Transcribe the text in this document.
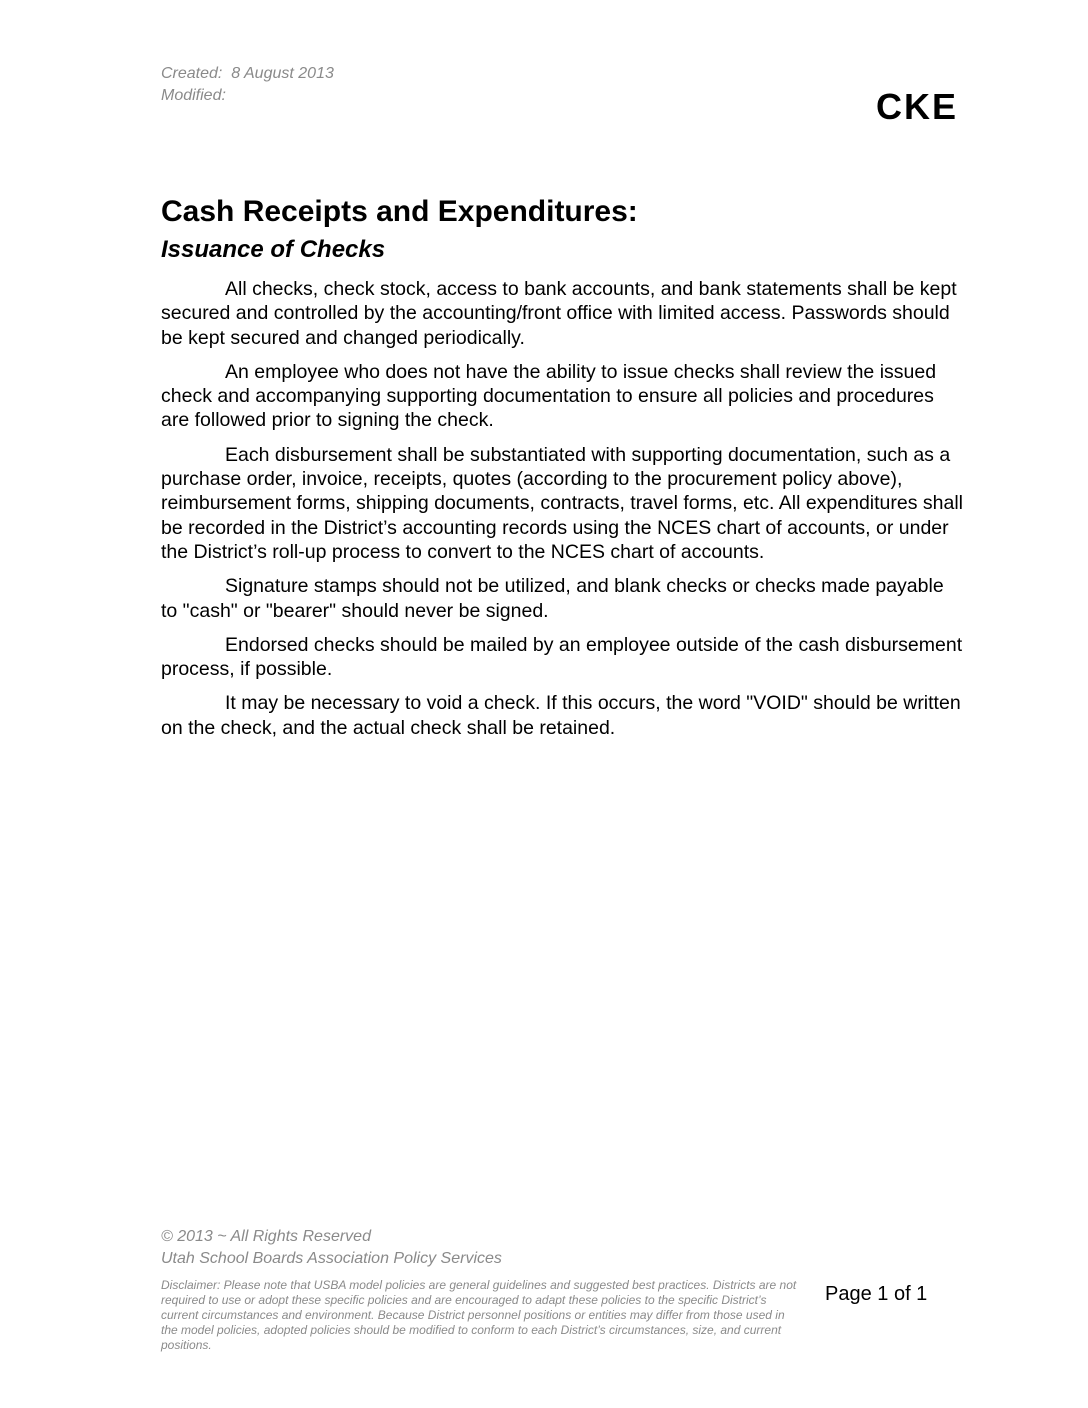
Created:  8 August 2013
Modified:	CKE
Cash Receipts and Expenditures:
Issuance of Checks

All checks, check stock, access to bank accounts, and bank statements shall be kept secured and controlled by the accounting/front office with limited access. Passwords should be kept secured and changed periodically.

An employee who does not have the ability to issue checks shall review the issued check and accompanying supporting documentation to ensure all policies and procedures are followed prior to signing the check.

Each disbursement shall be substantiated with supporting documentation, such as a purchase order, invoice, receipts, quotes (according to the procurement policy above), reimbursement forms, shipping documents, contracts, travel forms, etc. All expenditures shall be recorded in the District’s accounting records using the NCES chart of accounts, or under the District’s roll-up process to convert to the NCES chart of accounts.

Signature stamps should not be utilized, and blank checks or checks made payable to "cash" or "bearer" should never be signed.

Endorsed checks should be mailed by an employee outside of the cash disbursement process, if possible.

It may be necessary to void a check. If this occurs, the word "VOID" should be written on the check, and the actual check shall be retained.

© 2013 ~ All Rights Reserved
Utah School Boards Association Policy Services
Disclaimer: Please note that USBA model policies are general guidelines and suggested best practices. Districts are not required to use or adopt these specific policies and are encouraged to adapt these policies to the specific District’s current circumstances and environment. Because District personnel positions or entities may differ from those used in the model policies, adopted policies should be modified to conform to each District’s circumstances, size, and current positions.
Page 1 of 1
